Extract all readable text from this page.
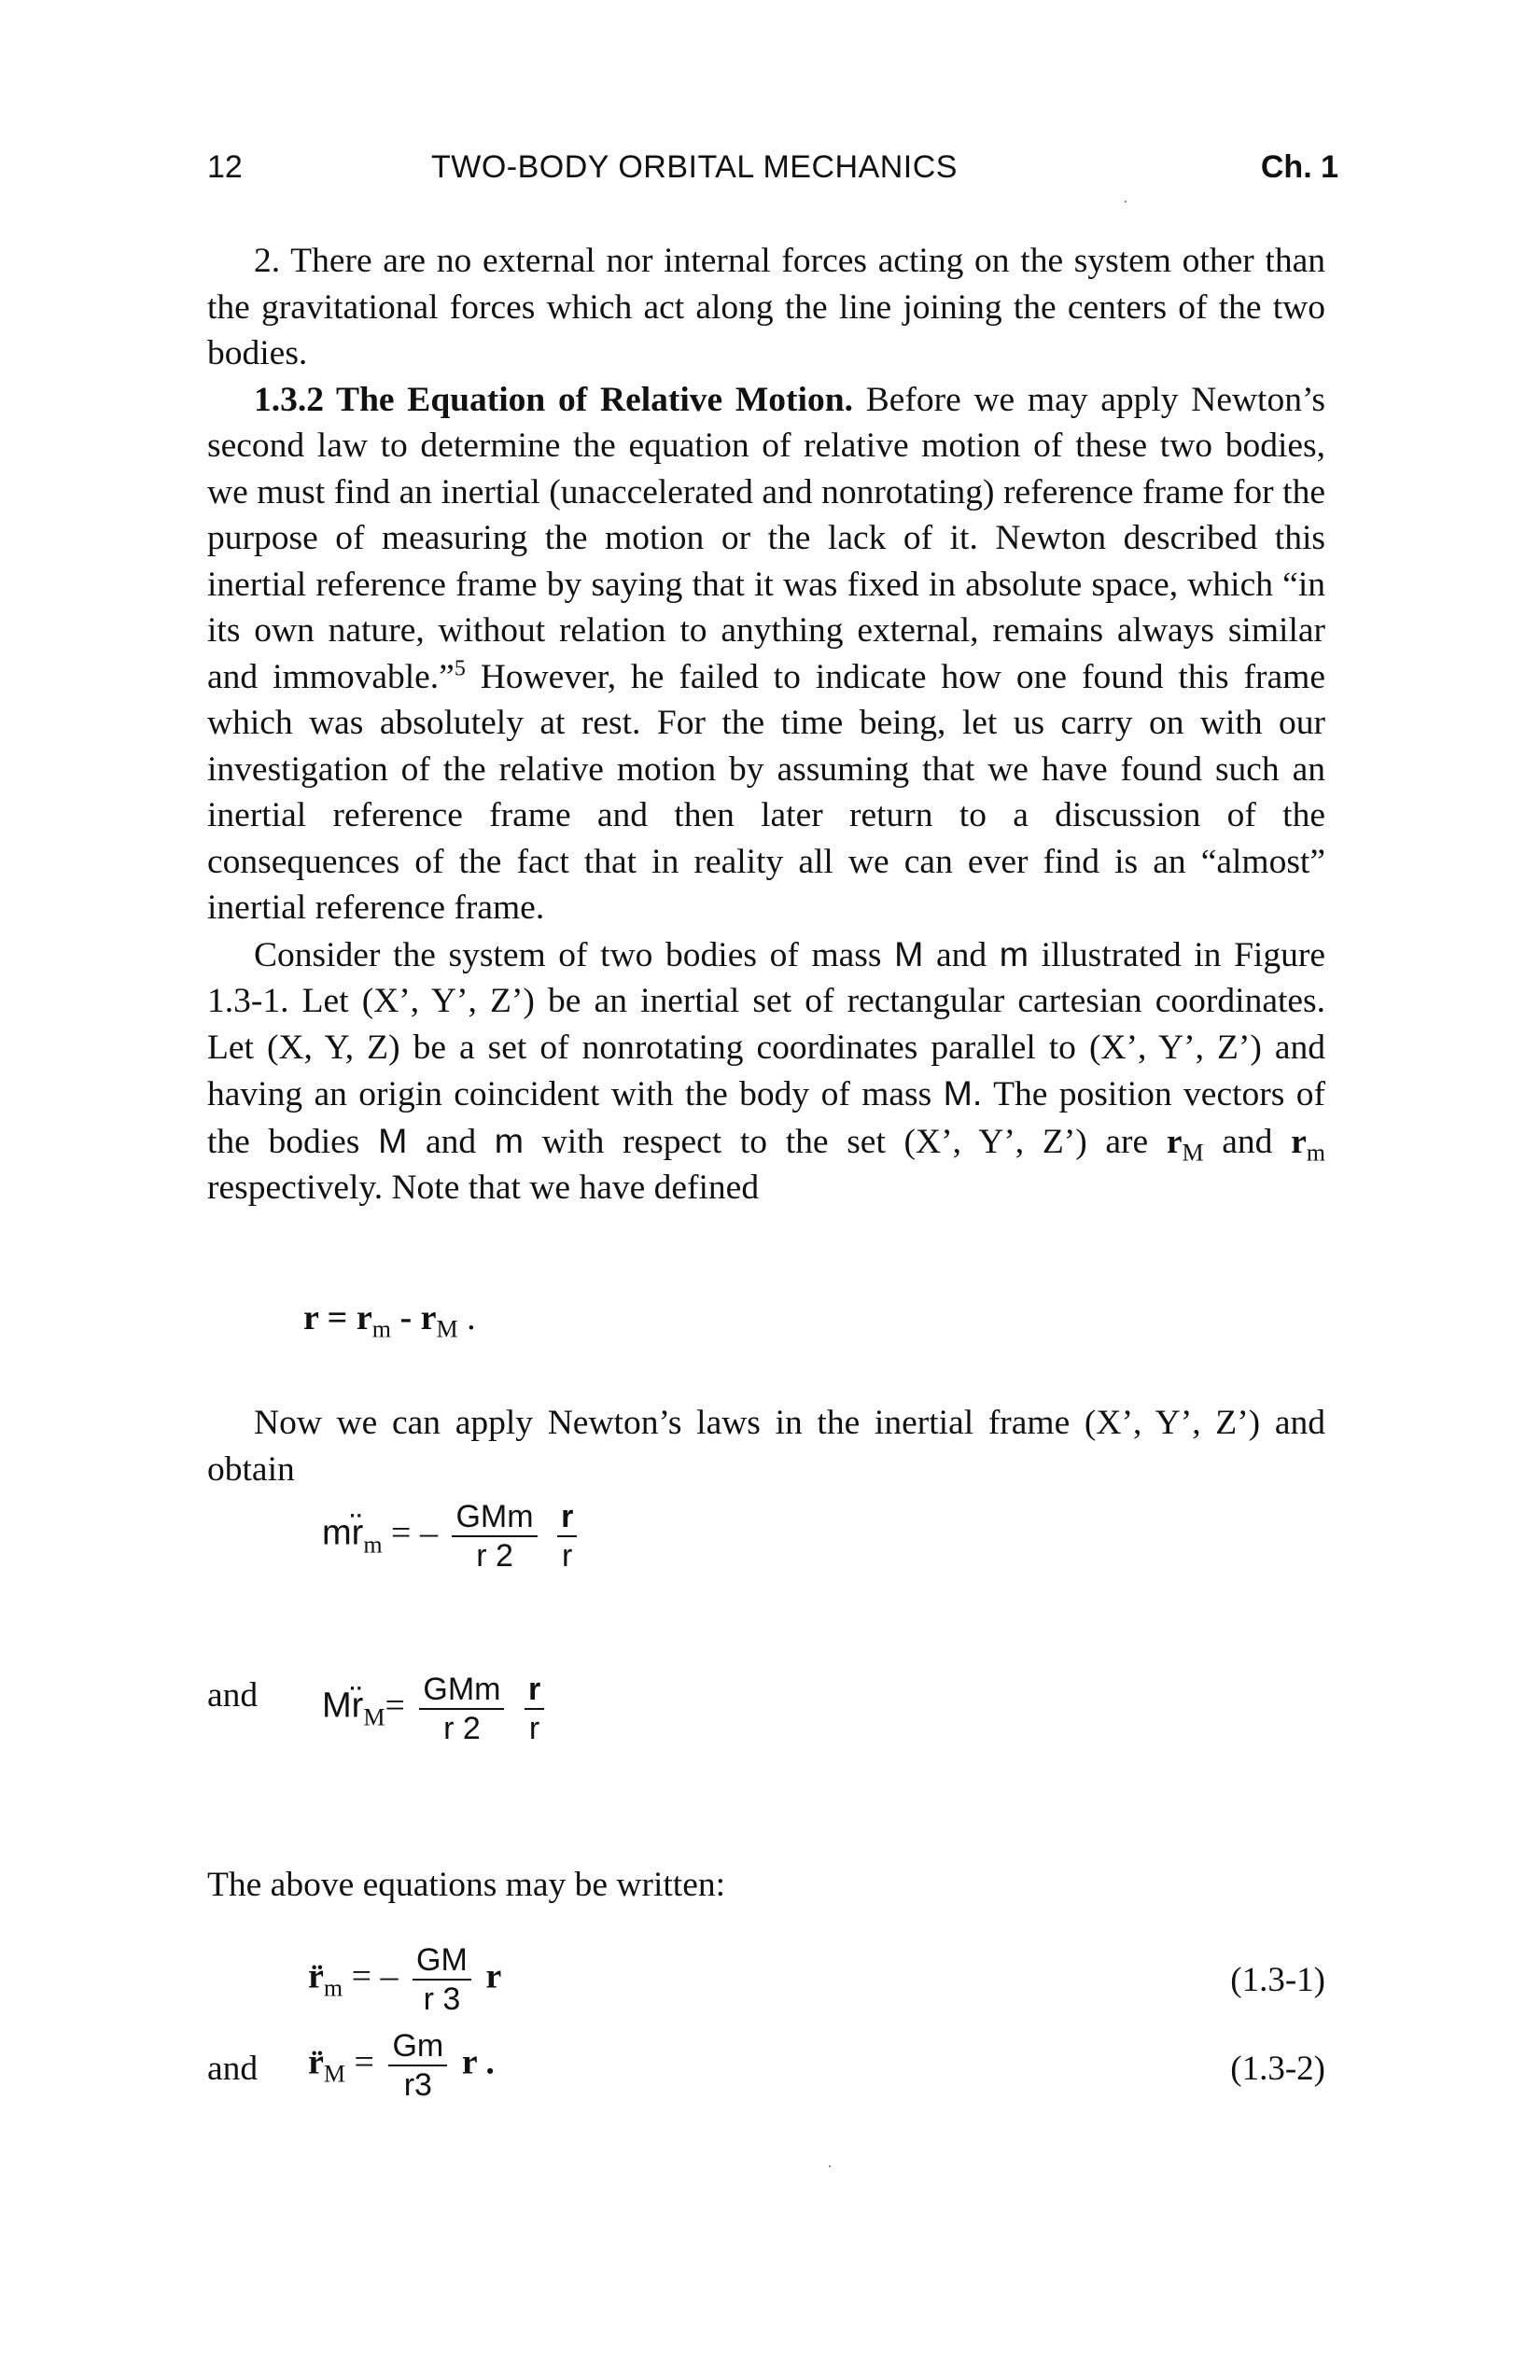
12	TWO-BODY ORBITAL MECHANICS	Ch. 1

2. There are no external nor internal forces acting on the system other than the gravitational forces which act along the line joining the centers of the two bodies.

1.3.2 The Equation of Relative Motion. Before we may apply Newton’s second law to determine the equation of relative motion of these two bodies, we must find an inertial (unaccelerated and nonrotating) reference frame for the purpose of measuring the motion or the lack of it. Newton described this inertial reference frame by saying that it was fixed in absolute space, which “in its own nature, without relation to anything external, remains always similar and immovable.”$^5$ However, he failed to indicate how one found this frame which was absolutely at rest. For the time being, let us carry on with our investigation of the relative motion by assuming that we have found such an inertial reference frame and then later return to a discussion of the consequences of the fact that in reality all we can ever find is an “almost” inertial reference frame.

Consider the system of two bodies of mass M and m illustrated in Figure 1.3-1. Let (X’, Y’, Z’) be an inertial set of rectangular cartesian coordinates. Let (X, Y, Z) be a set of nonrotating coordinates parallel to (X’, Y’, Z’) and having an origin coincident with the body of mass M. The position vectors of the bodies M and m with respect to the set (X’, Y’, Z’) are $r_M$ and $r_m$ respectively. Note that we have defined

$r = r_m - r_M$ .

Now we can apply Newton’s laws in the inertial frame (X’, Y’, Z’) and obtain

$mr̈_m$ = – $\frac{\text{GMm}}{r 2}$
$\frac{r}{r}$
and $Mr̈_M= \frac{\text{GMm}}{r 2}$
$\frac{r}{r}$

The above equations may be written:

$r̈_m$ = – $\frac{GM}{r 3}$ r	(1.3-1)
and $r̈_M = \frac{Gm}{r3}$ r .	(1.3-2)
